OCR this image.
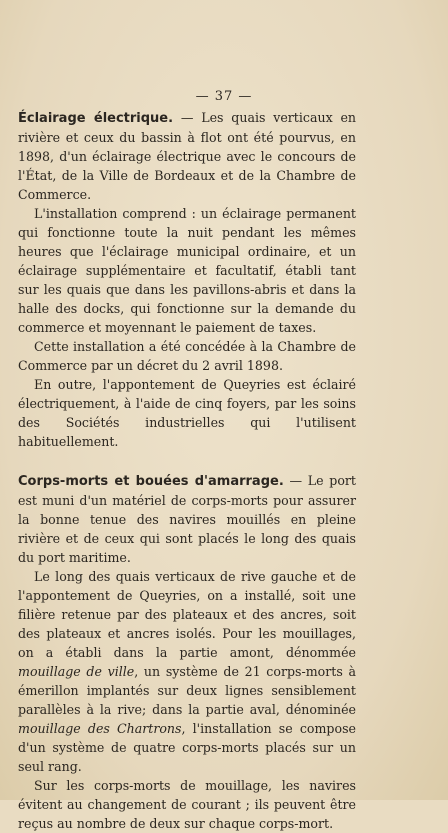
— 37 —

Éclairage électrique. — Les quais verticaux en rivière et ceux du bassin à flot ont été pourvus, en 1898, d'un éclairage électrique avec le concours de l'État, de la Ville de Bordeaux et de la Chambre de Commerce.

L'installation comprend : un éclairage permanent qui fonctionne toute la nuit pendant les mêmes heures que l'éclairage municipal ordinaire, et un éclairage supplémentaire et facultatif, établi tant sur les quais que dans les pavillons-abris et dans la halle des docks, qui fonctionne sur la demande du commerce et moyennant le paiement de taxes.

Cette installation a été concédée à la Chambre de Commerce par un décret du 2 avril 1898.

En outre, l'appontement de Queyries est éclairé électriquement, à l'aide de cinq foyers, par les soins des Sociétés industrielles qui l'utilisent habituellement.

Corps-morts et bouées d'amarrage. — Le port est muni d'un matériel de corps-morts pour assurer la bonne tenue des navires mouillés en pleine rivière et de ceux qui sont placés le long des quais du port maritime.

Le long des quais verticaux de rive gauche et de l'appontement de Queyries, on a installé, soit une filière retenue par des plateaux et des ancres, soit des plateaux et ancres isolés. Pour les mouillages, on a établi dans la partie amont, dénommée mouillage de ville, un système de 21 corps-morts à émerillon implantés sur deux lignes sensiblement parallèles à la rive; dans la partie aval, dénominée mouillage des Chartrons, l'installation se compose d'un système de quatre corps-morts placés sur un seul rang.

Sur les corps-morts de mouillage, les navires évitent au changement de courant ; ils peuvent être reçus au nombre de deux sur chaque corps-mort.
